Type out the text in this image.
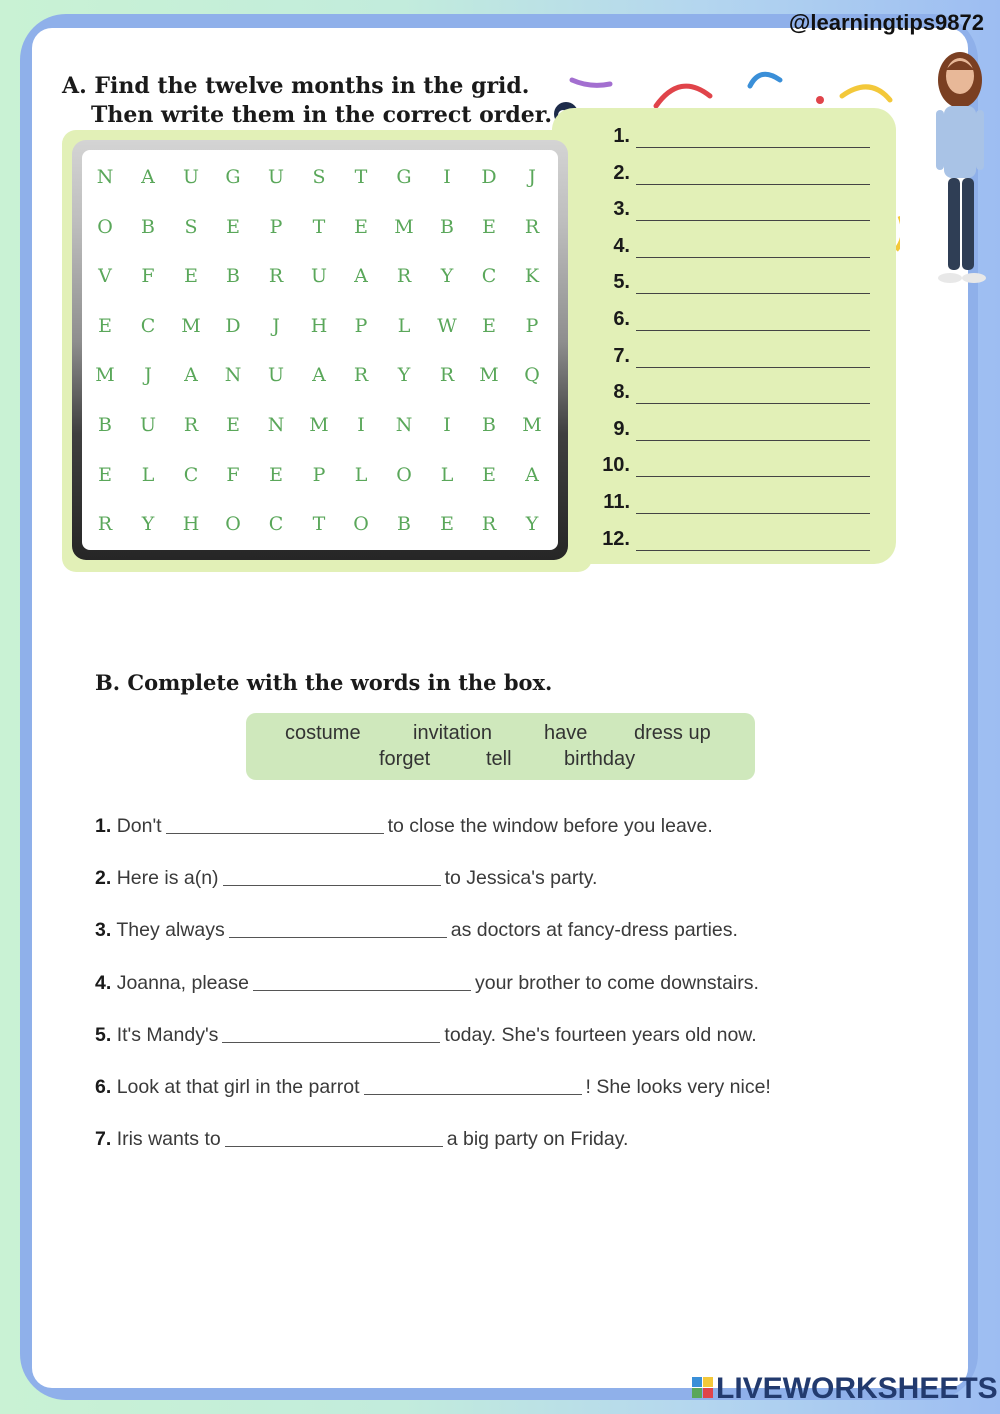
@learningtips9872
A. Find the twelve months in the grid.
Then write them in the correct order.
N	A	U	G	U	S	T	G	I	D	J
O	B	S	E	P	T	E	M	B	E	R
V	F	E	B	R	U	A	R	Y	C	K
E	C	M	D	J	H	P	L	W	E	P
M	J	A	N	U	A	R	Y	R	M	Q
B	U	R	E	N	M	I	N	I	B	M
E	L	C	F	E	P	L	O	L	E	A
R	Y	H	O	C	T	O	B	E	R	Y
1.
2.
3.
4.
5.
6.
7.
8.
9.
10.
11.
12.
B. Complete with the words in the box.
costume	invitation	have dress up
forget	tell	birthday
1. Don't	to close the window before you leave.
2. Here is a(n)	to Jessica's party.
3. They always	as doctors at fancy-dress parties.
4. Joanna, please	your brother to come downstairs.
5. It's Mandy's	today. She's fourteen years old now.
6. Look at that girl in the parrot	! She looks very nice!
7. Iris wants to	a big party on Friday.
LIVEWORKSHEETS
